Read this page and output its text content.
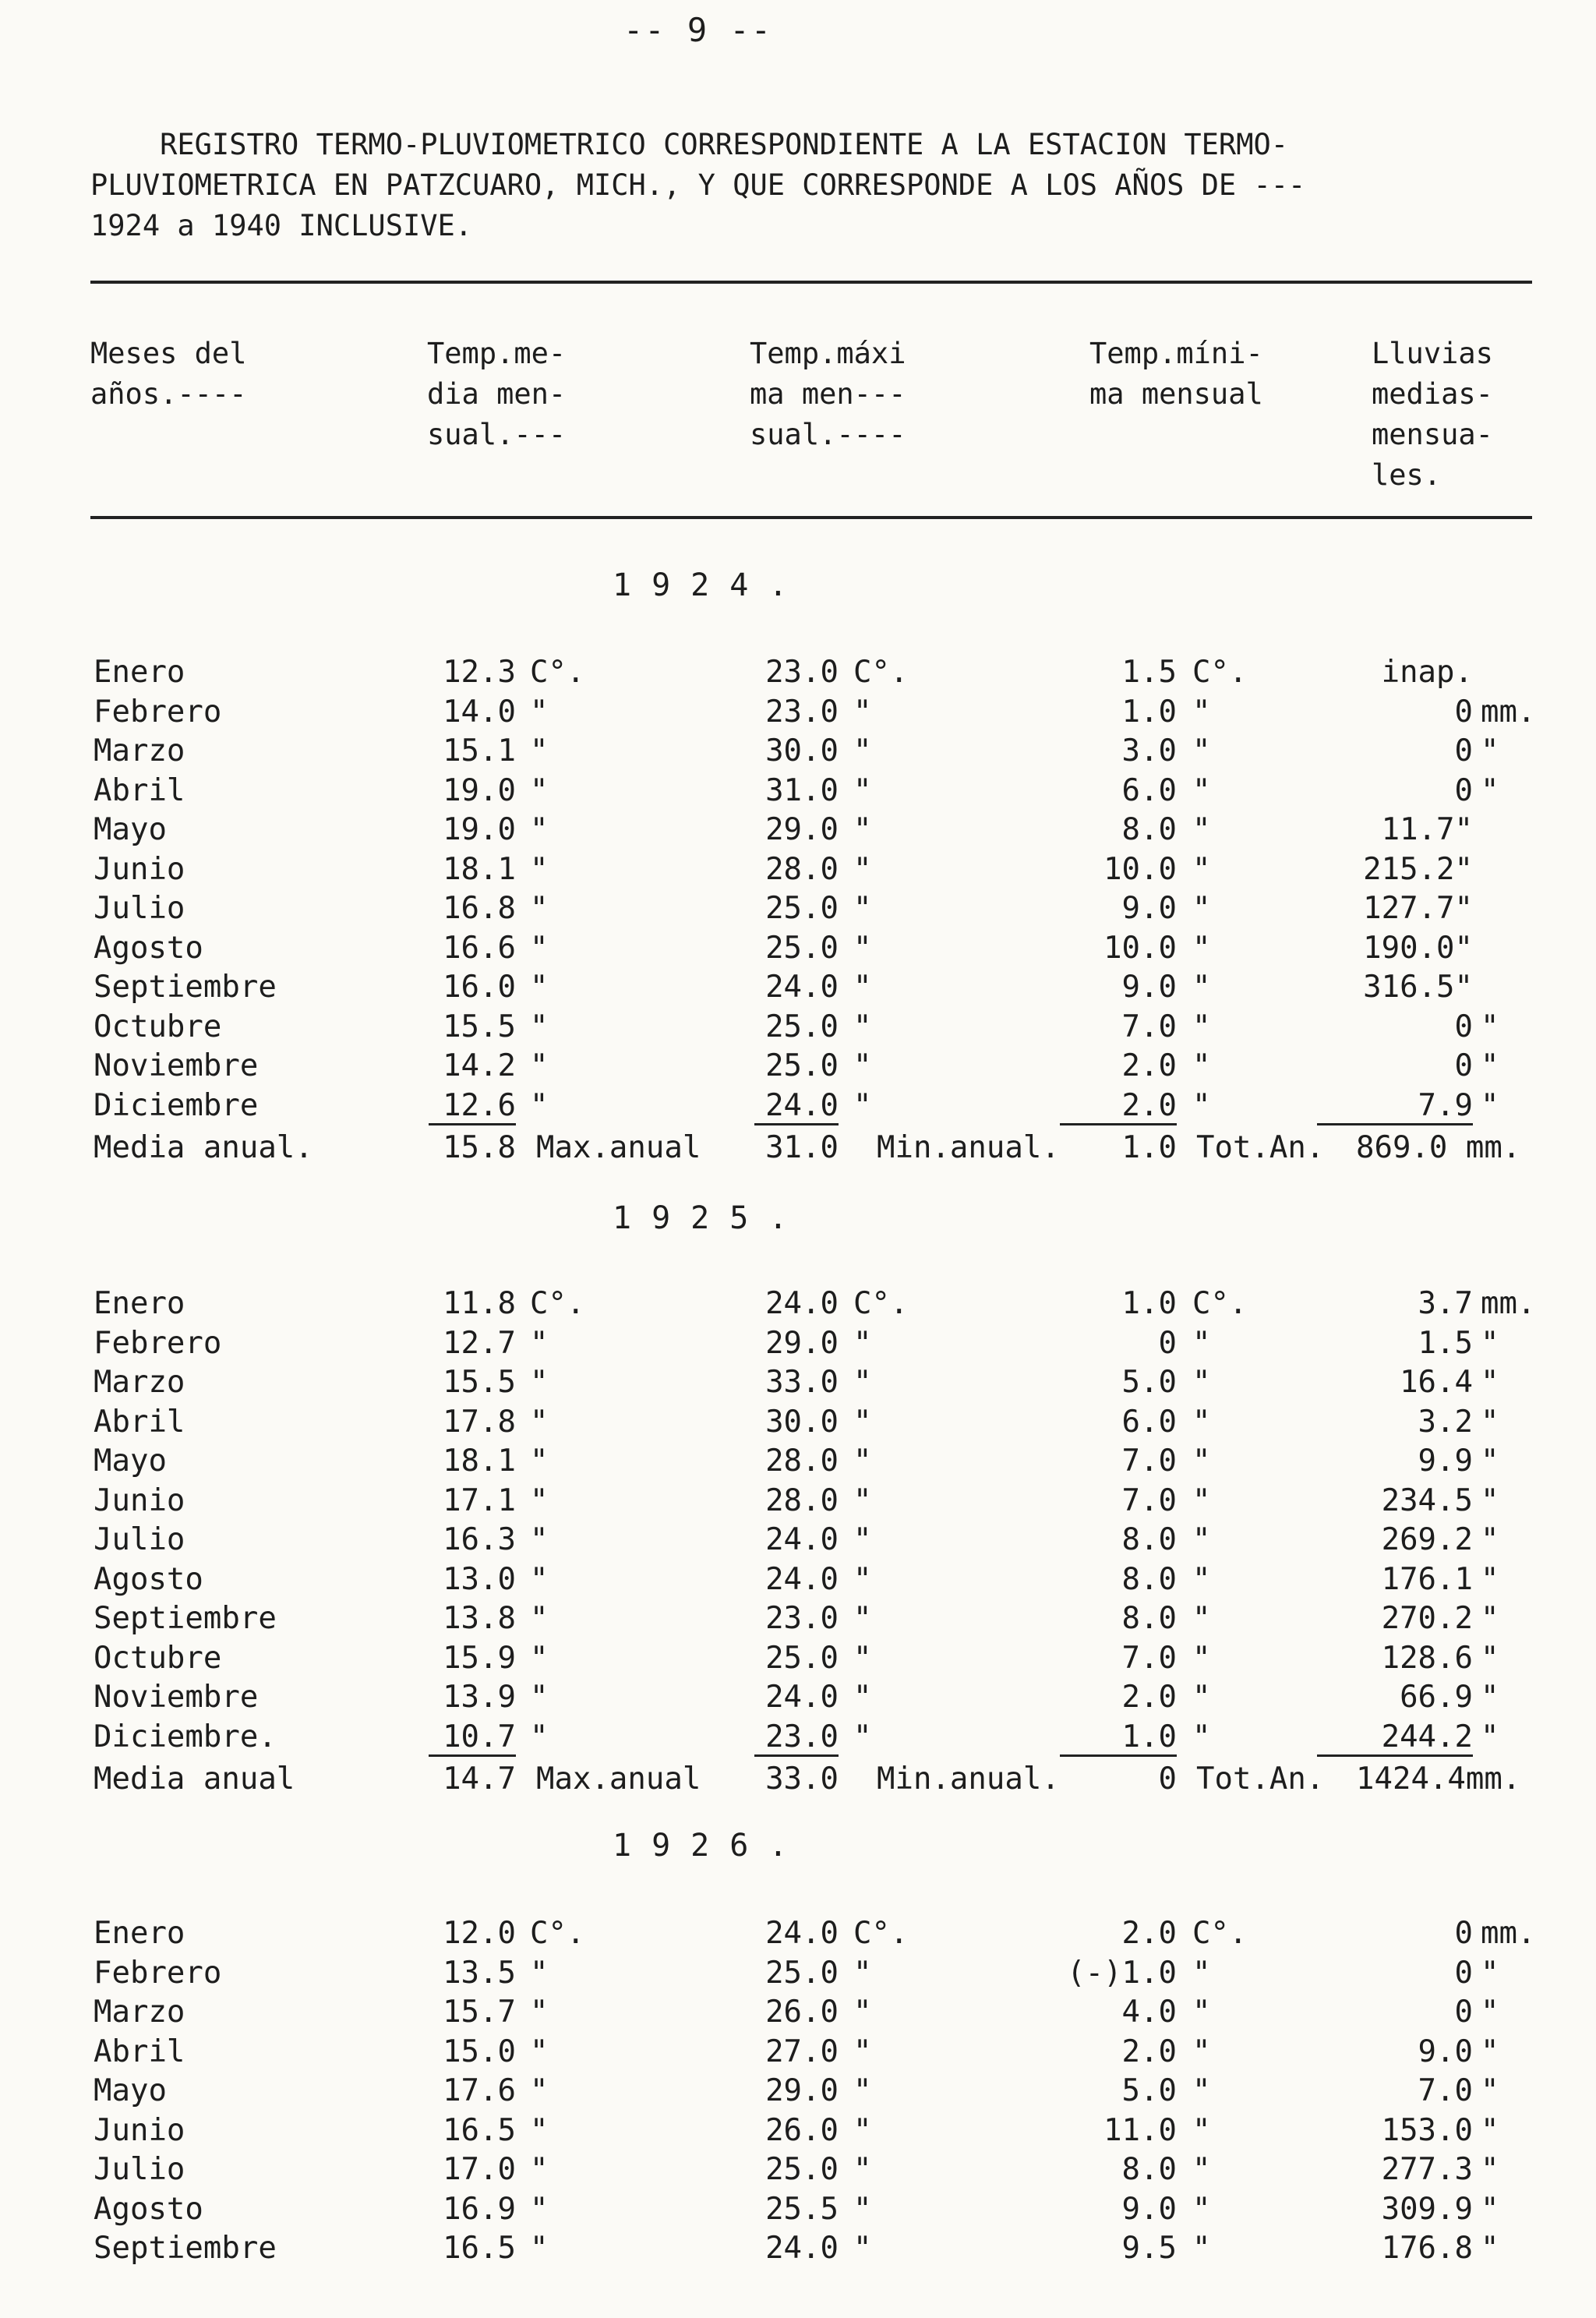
-- 9 --
REGISTRO TERMO-PLUVIOMETRICO CORRESPONDIENTE A LA ESTACION TERMO-
PLUVIOMETRICA EN PATZCUARO, MICH., Y QUE CORRESPONDE A LOS AÑOS DE ---
1924 a 1940 INCLUSIVE.
Meses del
años.----
Temp.me-
dia men-
sual.---
Temp.máxi
ma men---
sual.----
Temp.míni-
ma mensual
Lluvias
medias-
mensua-
les.
1924.
Enero	12.3 C°.	23.0 C°.	1.5 C°.	inap.
Febrero	14.0 "	23.0 "	1.0 "	0 mm.
Marzo	15.1 "	30.0 "	3.0 "	0 "
Abril	19.0 "	31.0 "	6.0 "	0 "
Mayo	19.0 "	29.0 "	8.0 "	11.7"
Junio	18.1 "	28.0 "	10.0 "	215.2"
Julio	16.8 "	25.0 "	9.0 "	127.7"
Agosto	16.6 "	25.0 "	10.0 "	190.0"
Septiembre	16.0 "	24.0 "	9.0 "	316.5"
Octubre	15.5 "	25.0 "	7.0 "	0 "
Noviembre	14.2 "	25.0 "	2.0 "	0 "
Diciembre	12.6 "	24.0 "	2.0 "	7.9 "
Media anual.	15.8 Max.anual	31.0 Min.anual.	1.0 Tot.An. 869.0 mm.
1925.
Enero	11.8 C°.	24.0 C°.	1.0 C°.	3.7 mm.
Febrero	12.7 "	29.0 "	0 "	1.5 "
Marzo	15.5 "	33.0 "	5.0 "	16.4 "
Abril	17.8 "	30.0 "	6.0 "	3.2 "
Mayo	18.1 "	28.0 "	7.0 "	9.9 "
Junio	17.1 "	28.0 "	7.0 "	234.5 "
Julio	16.3 "	24.0 "	8.0 "	269.2 "
Agosto	13.0 "	24.0 "	8.0 "	176.1 "
Septiembre	13.8 "	23.0 "	8.0 "	270.2 "
Octubre	15.9 "	25.0 "	7.0 "	128.6 "
Noviembre	13.9 "	24.0 "	2.0 "	66.9 "
Diciembre.	10.7 "	23.0 "	1.0 "	244.2 "
Media anual	14.7 Max.anual	33.0 Min.anual.	0 Tot.An. 1424.4mm.
1926.
Enero	12.0 C°.	24.0 C°.	2.0 C°.	0 mm.
Febrero	13.5 "	25.0 "	(-)1.0 "	0 "
Marzo	15.7 "	26.0 "	4.0 "	0 "
Abril	15.0 "	27.0 "	2.0 "	9.0 "
Mayo	17.6 "	29.0 "	5.0 "	7.0 "
Junio	16.5 "	26.0 "	11.0 "	153.0 "
Julio	17.0 "	25.0 "	8.0 "	277.3 "
Agosto	16.9 "	25.5 "	9.0 "	309.9 "
Septiembre	16.5 "	24.0 "	9.5 "	176.8 "
